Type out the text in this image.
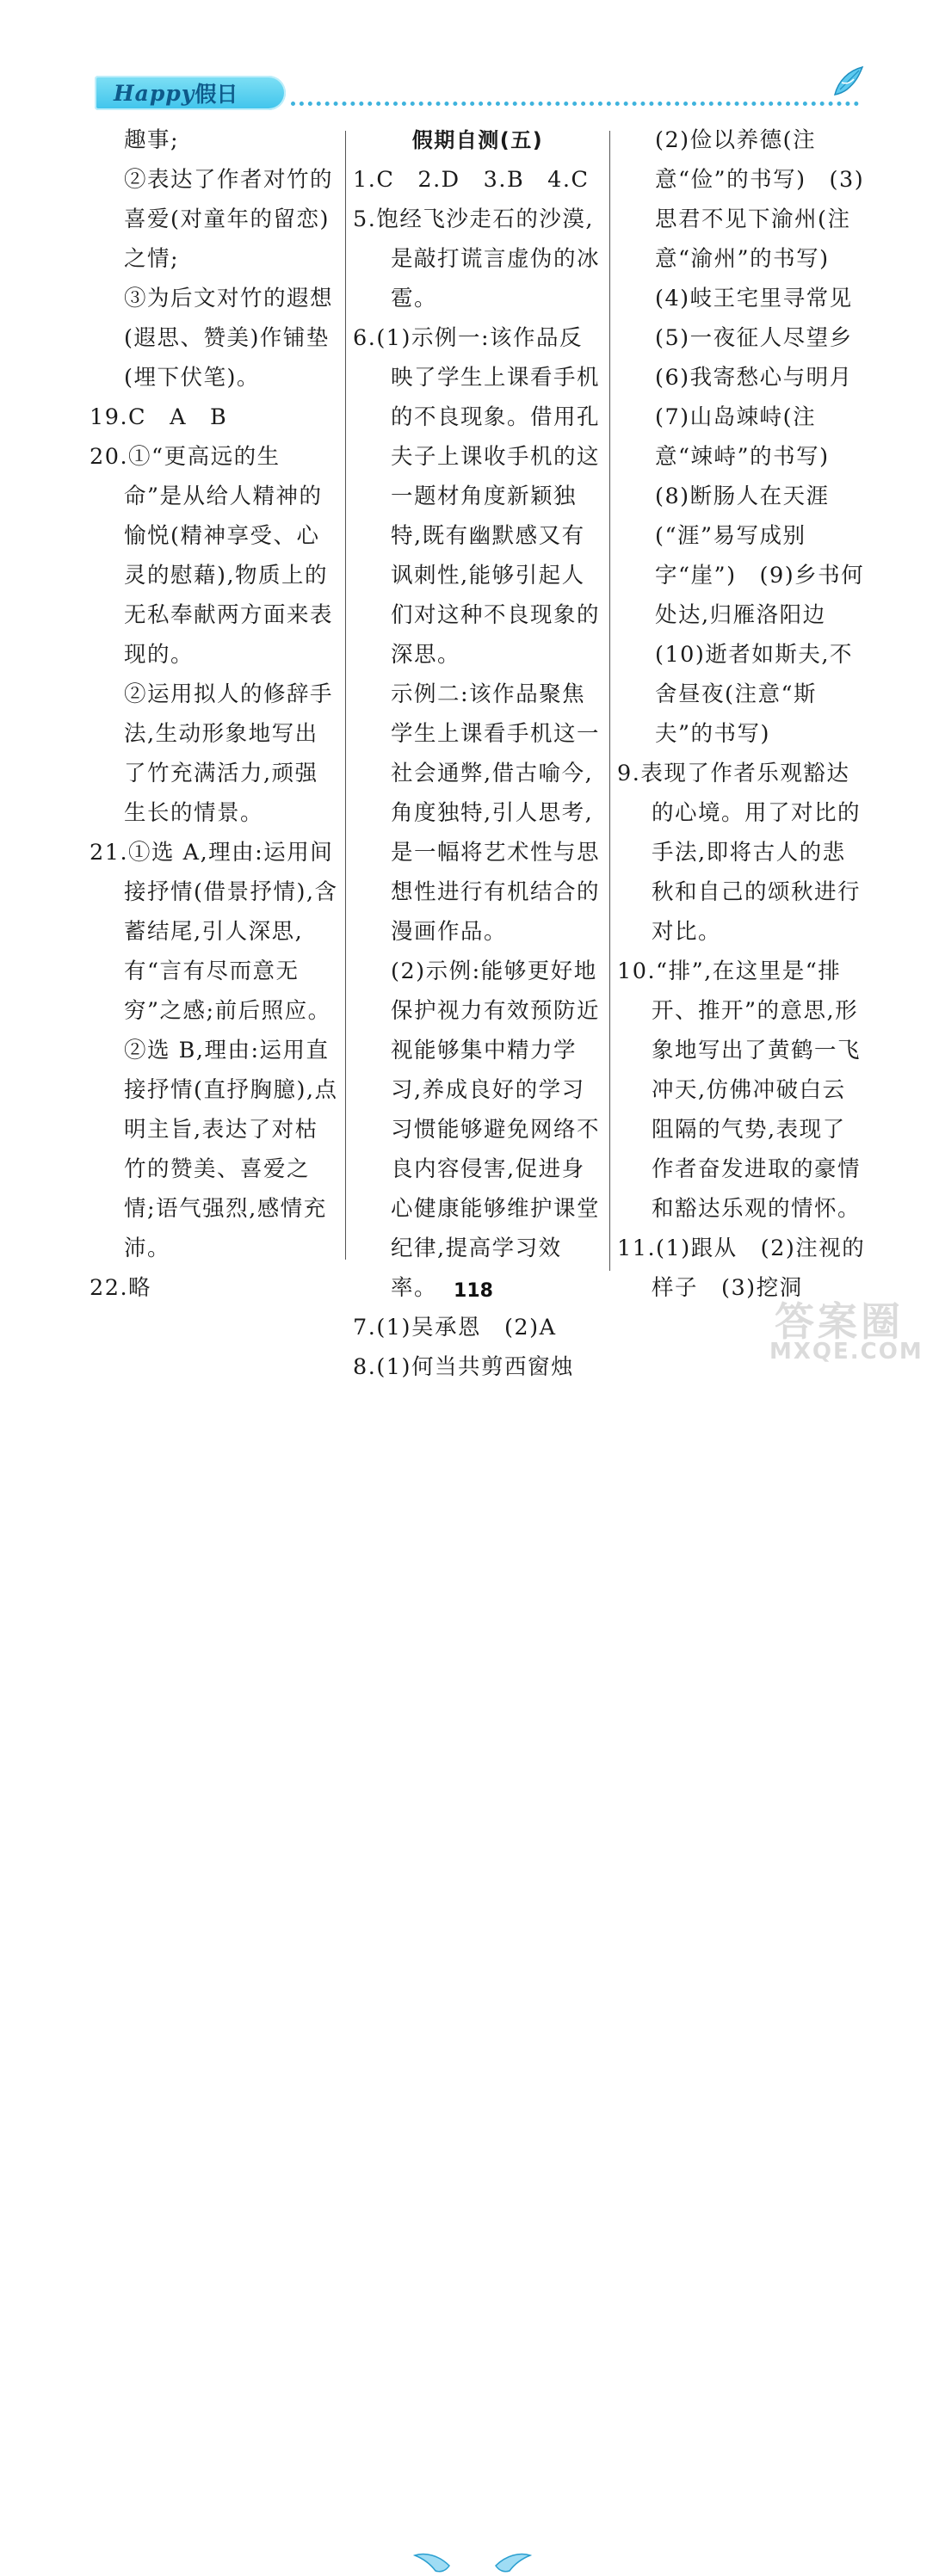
Happy 假日

趣事;

②表达了作者对竹的喜爱(对童年的留恋)之情;

③为后文对竹的遐想(遐思、赞美)作铺垫(埋下伏笔)。

19.C　A　B

20.①“更高远的生命”是从给人精神的愉悦(精神享受、心灵的慰藉),物质上的无私奉献两方面来表现的。

②运用拟人的修辞手法,生动形象地写出了竹充满活力,顽强生长的情景。

21.①选 A,理由:运用间接抒情(借景抒情),含蓄结尾,引人深思,有“言有尽而意无穷”之感;前后照应。

②选 B,理由:运用直接抒情(直抒胸臆),点明主旨,表达了对枯竹的赞美、喜爱之情;语气强烈,感情充沛。

22.略

假期自测(五)

1.C　2.D　3.B　4.C

5.饱经飞沙走石的沙漠,是敲打谎言虚伪的冰雹。

6.(1)示例一:该作品反映了学生上课看手机的不良现象。借用孔夫子上课收手机的这一题材角度新颖独特,既有幽默感又有讽刺性,能够引起人们对这种不良现象的深思。

示例二:该作品聚焦学生上课看手机这一社会通弊,借古喻今,角度独特,引人思考,是一幅将艺术性与思想性进行有机结合的漫画作品。

(2)示例:能够更好地保护视力有效预防近视能够集中精力学习,养成良好的学习习惯能够避免网络不良内容侵害,促进身心健康能够维护课堂纪律,提高学习效率。

7.(1)吴承恩　(2)A

8.(1)何当共剪西窗烛

(2)俭以养德(注意“俭”的书写)　(3)思君不见下渝州(注意“渝州”的书写)

(4)岐王宅里寻常见

(5)一夜征人尽望乡

(6)我寄愁心与明月

(7)山岛竦峙(注意“竦峙”的书写)

(8)断肠人在天涯(“涯”易写成别字“崖”)　(9)乡书何处达,归雁洛阳边

(10)逝者如斯夫,不舍昼夜(注意“斯夫”的书写)

9.表现了作者乐观豁达的心境。用了对比的手法,即将古人的悲秋和自己的颂秋进行对比。

10.“排”,在这里是“排开、推开”的意思,形象地写出了黄鹤一飞冲天,仿佛冲破白云阻隔的气势,表现了作者奋发进取的豪情和豁达乐观的情怀。

11.(1)跟从　(2)注视的样子　(3)挖洞

118
答案圈
MXQE.COM
